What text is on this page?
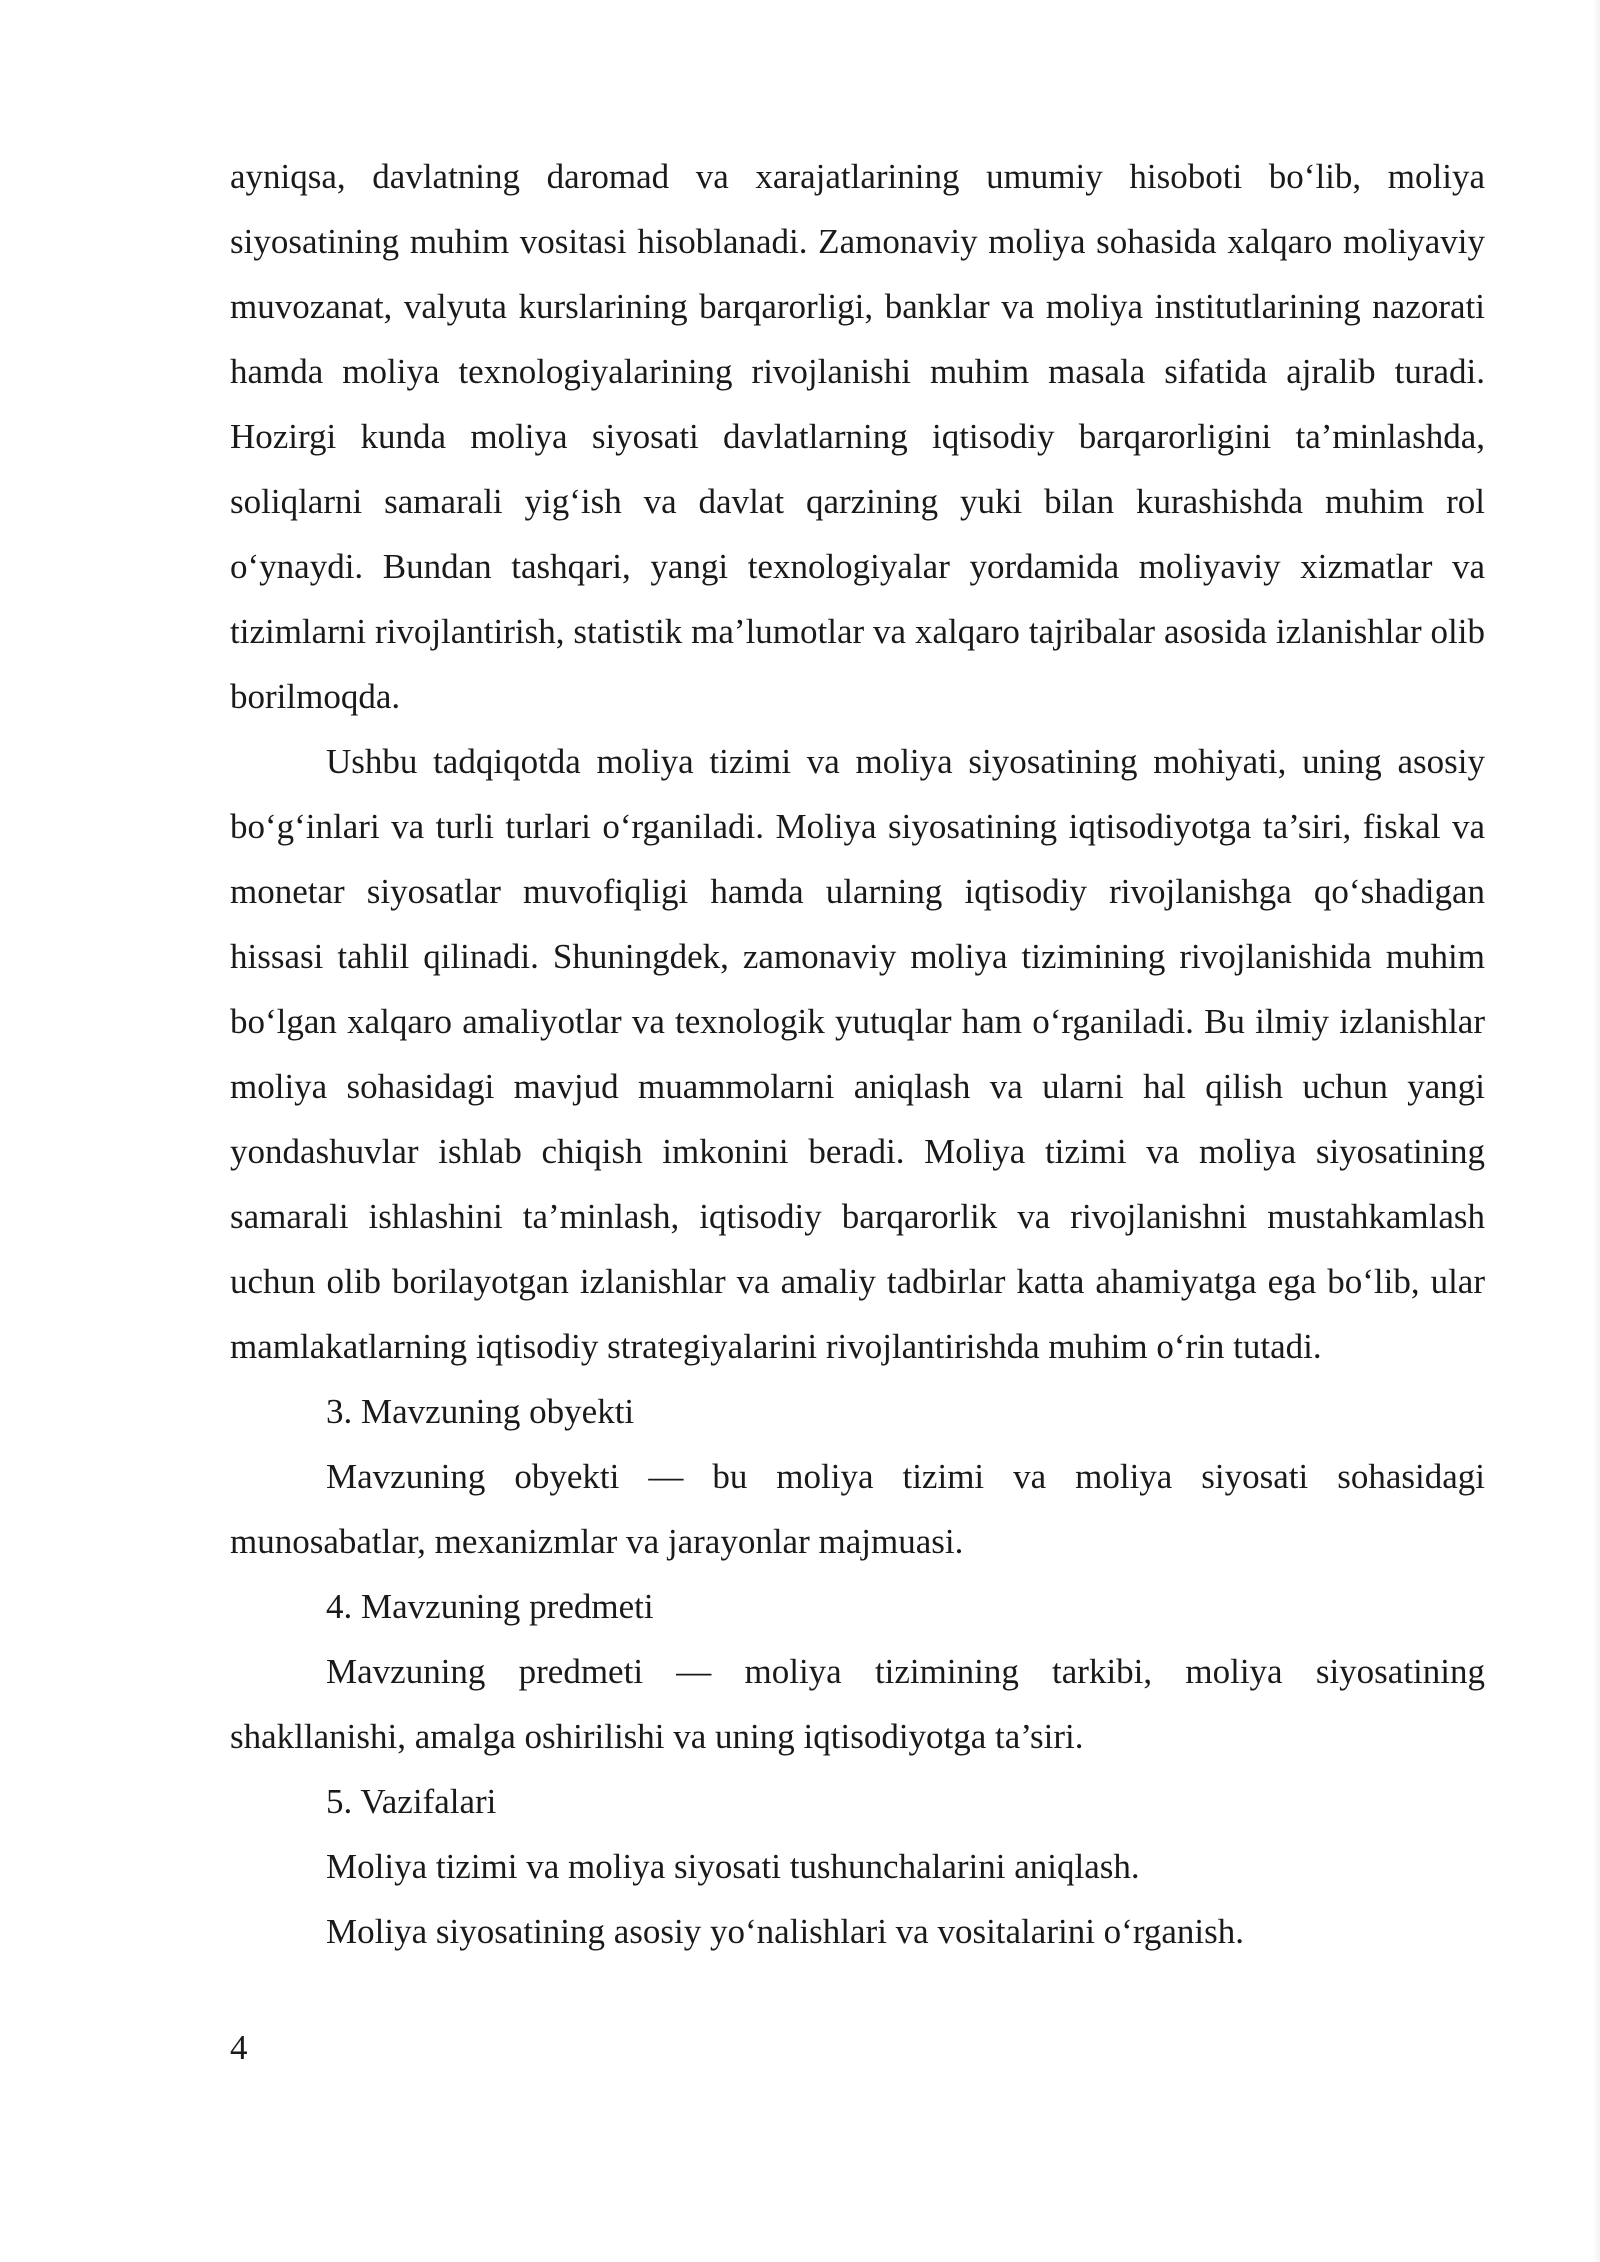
ayniqsa, davlatning daromad va xarajatlarining umumiy hisoboti bo‘lib, moliya siyosatining muhim vositasi hisoblanadi. Zamonaviy moliya sohasida xalqaro moliyaviy muvozanat, valyuta kurslarining barqarorligi, banklar va moliya institutlarining nazorati hamda moliya texnologiyalarining rivojlanishi muhim masala sifatida ajralib turadi. Hozirgi kunda moliya siyosati davlatlarning iqtisodiy barqarorligini ta’minlashda, soliqlarni samarali yig‘ish va davlat qarzining yuki bilan kurashishda muhim rol o‘ynaydi. Bundan tashqari, yangi texnologiyalar yordamida moliyaviy xizmatlar va tizimlarni rivojlantirish, statistik ma’lumotlar va xalqaro tajribalar asosida izlanishlar olib borilmoqda.

Ushbu tadqiqotda moliya tizimi va moliya siyosatining mohiyati, uning asosiy bo‘g‘inlari va turli turlari o‘rganiladi. Moliya siyosatining iqtisodiyotga ta’siri, fiskal va monetar siyosatlar muvofiqligi hamda ularning iqtisodiy rivojlanishga qo‘shadigan hissasi tahlil qilinadi. Shuningdek, zamonaviy moliya tizimining rivojlanishida muhim bo‘lgan xalqaro amaliyotlar va texnologik yutuqlar ham o‘rganiladi. Bu ilmiy izlanishlar moliya sohasidagi mavjud muammolarni aniqlash va ularni hal qilish uchun yangi yondashuvlar ishlab chiqish imkonini beradi. Moliya tizimi va moliya siyosatining samarali ishlashini ta’minlash, iqtisodiy barqarorlik va rivojlanishni mustahkamlash uchun olib borilayotgan izlanishlar va amaliy tadbirlar katta ahamiyatga ega bo‘lib, ular mamlakatlarning iqtisodiy strategiyalarini rivojlantirishda muhim o‘rin tutadi.

3. Mavzuning obyekti

Mavzuning obyekti — bu moliya tizimi va moliya siyosati sohasidagi munosabatlar, mexanizmlar va jarayonlar majmuasi.

4. Mavzuning predmeti

Mavzuning predmeti — moliya tizimining tarkibi, moliya siyosatining shakllanishi, amalga oshirilishi va uning iqtisodiyotga ta’siri.

5. Vazifalari

Moliya tizimi va moliya siyosati tushunchalarini aniqlash.

Moliya siyosatining asosiy yo‘nalishlari va vositalarini o‘rganish.

4
